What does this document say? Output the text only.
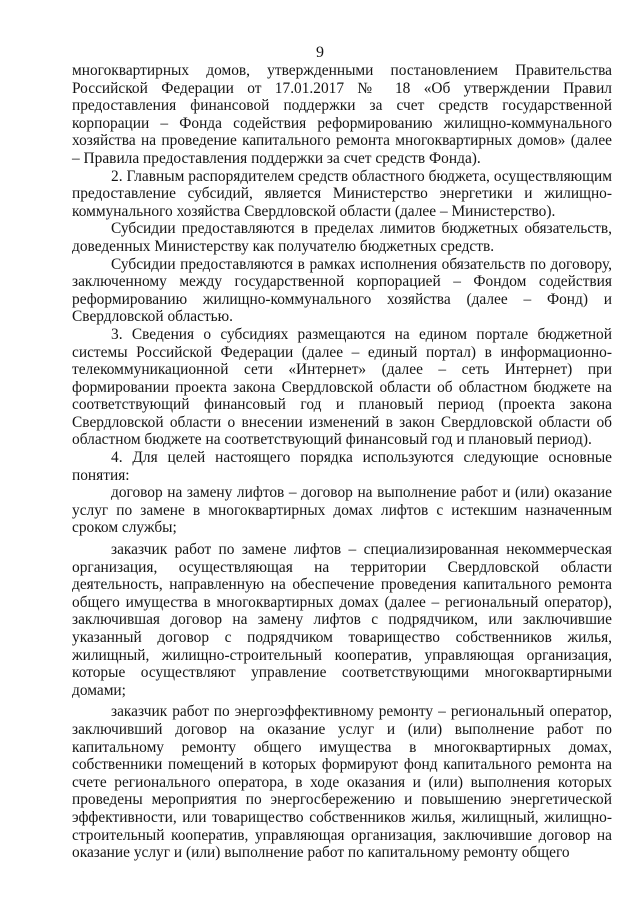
9

многоквартирных домов, утвержденными постановлением Правительства Российской Федерации от 17.01.2017 № 18 «Об утверждении Правил предоставления финансовой поддержки за счет средств государственной корпорации – Фонда содействия реформированию жилищно-коммунального хозяйства на проведение капитального ремонта многоквартирных домов» (далее – Правила предоставления поддержки за счет средств Фонда).

2. Главным распорядителем средств областного бюджета, осуществляющим предоставление субсидий, является Министерство энергетики и жилищно-коммунального хозяйства Свердловской области (далее – Министерство).

Субсидии предоставляются в пределах лимитов бюджетных обязательств, доведенных Министерству как получателю бюджетных средств.

Субсидии предоставляются в рамках исполнения обязательств по договору, заключенному между государственной корпорацией – Фондом содействия реформированию жилищно-коммунального хозяйства (далее – Фонд) и Свердловской областью.

3. Сведения о субсидиях размещаются на едином портале бюджетной системы Российской Федерации (далее – единый портал) в информационно-телекоммуникационной сети «Интернет» (далее – сеть Интернет) при формировании проекта закона Свердловской области об областном бюджете на соответствующий финансовый год и плановый период (проекта закона Свердловской области о внесении изменений в закон Свердловской области об областном бюджете на соответствующий финансовый год и плановый период).

4. Для целей настоящего порядка используются следующие основные понятия:

договор на замену лифтов – договор на выполнение работ и (или) оказание услуг по замене в многоквартирных домах лифтов с истекшим назначенным сроком службы;

заказчик работ по замене лифтов – специализированная некоммерческая организация, осуществляющая на территории Свердловской области деятельность, направленную на обеспечение проведения капитального ремонта общего имущества в многоквартирных домах (далее – региональный оператор), заключившая договор на замену лифтов с подрядчиком, или заключившие указанный договор с подрядчиком товарищество собственников жилья, жилищный, жилищно-строительный кооператив, управляющая организация, которые осуществляют управление соответствующими многоквартирными домами;

заказчик работ по энергоэффективному ремонту – региональный оператор, заключивший договор на оказание услуг и (или) выполнение работ по капитальному ремонту общего имущества в многоквартирных домах, собственники помещений в которых формируют фонд капитального ремонта на счете регионального оператора, в ходе оказания и (или) выполнения которых проведены мероприятия по энергосбережению и повышению энергетической эффективности, или товарищество собственников жилья, жилищный, жилищно-строительный кооператив, управляющая организация, заключившие договор на оказание услуг и (или) выполнение работ по капитальному ремонту общего
